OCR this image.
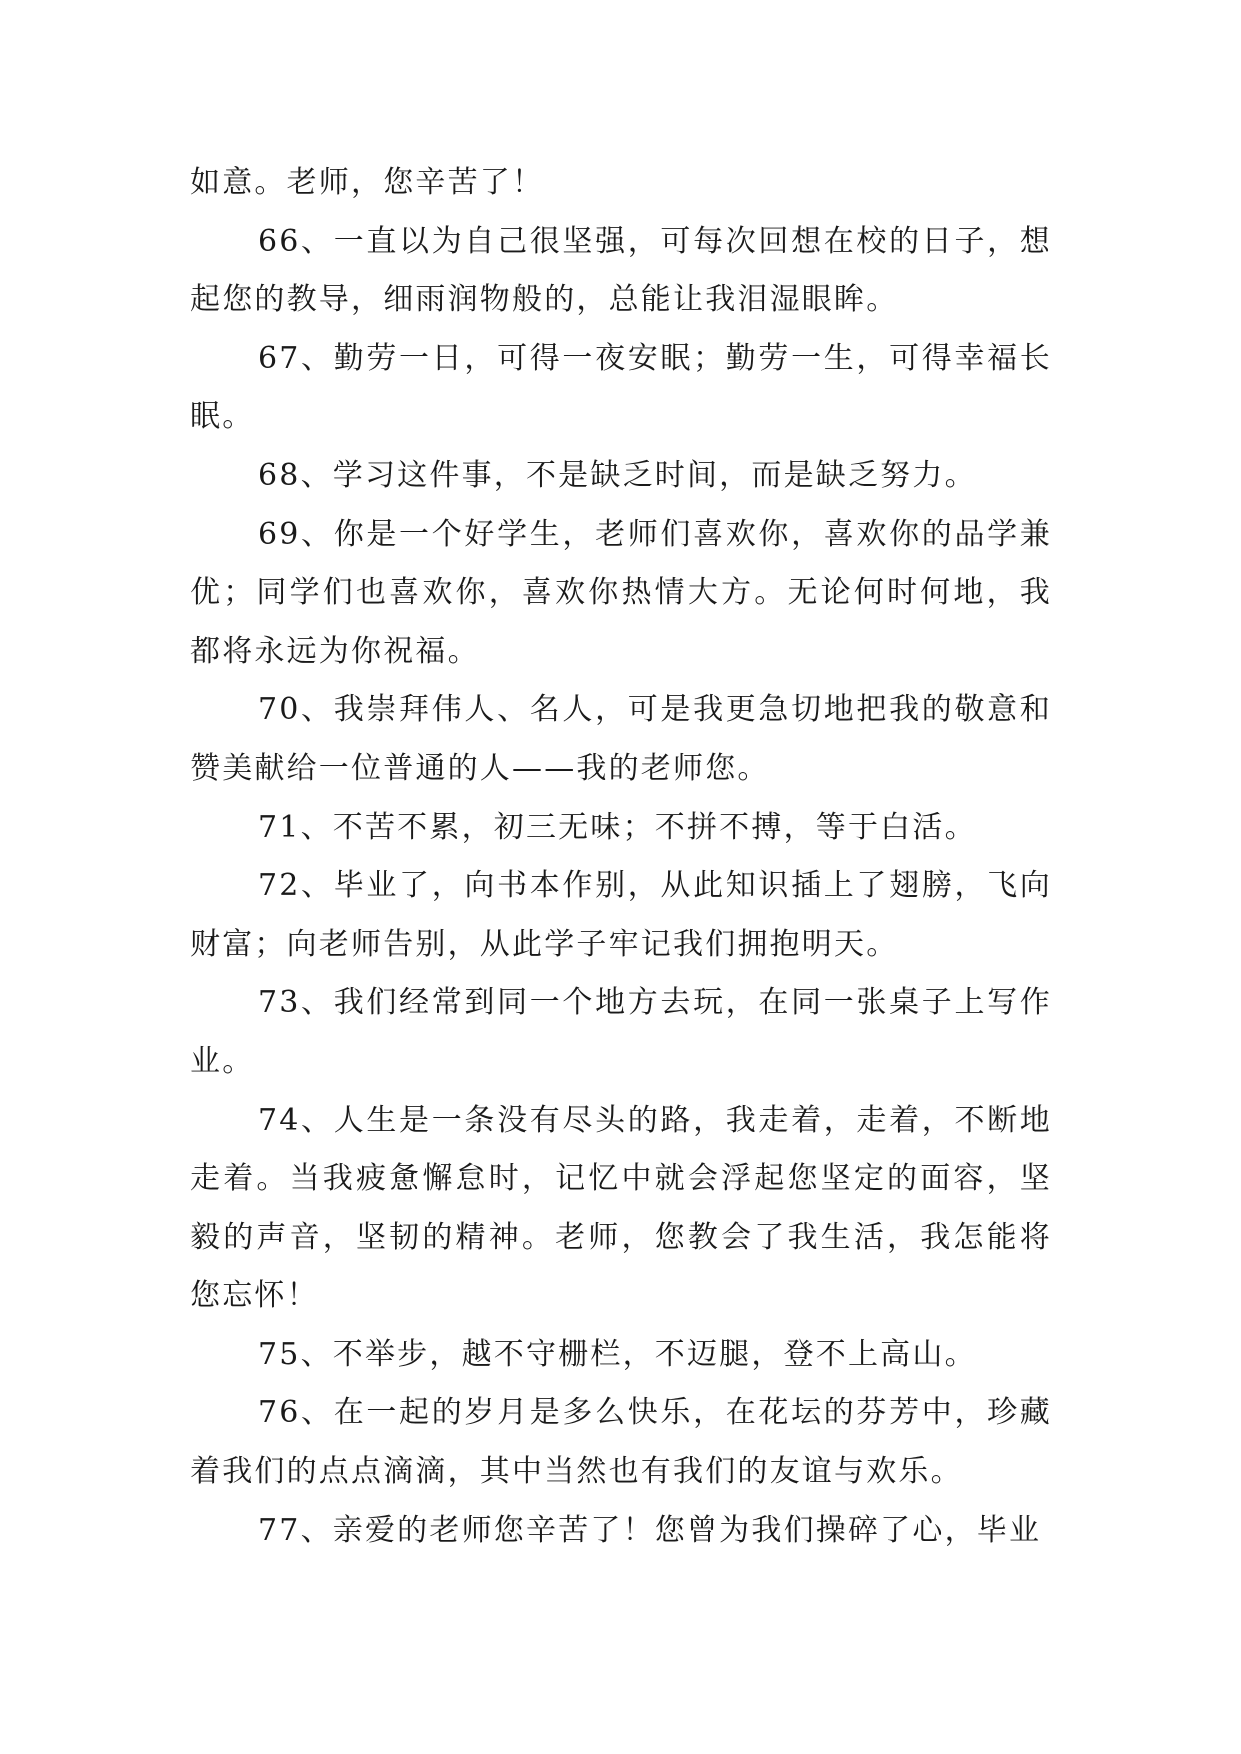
如意。老师，您辛苦了！

66、一直以为自己很坚强，可每次回想在校的日子，想起您的教导，细雨润物般的，总能让我泪湿眼眸。

67、勤劳一日，可得一夜安眠；勤劳一生，可得幸福长眠。

68、学习这件事，不是缺乏时间，而是缺乏努力。

69、你是一个好学生，老师们喜欢你，喜欢你的品学兼优；同学们也喜欢你，喜欢你热情大方。无论何时何地，我都将永远为你祝福。

70、我崇拜伟人、名人，可是我更急切地把我的敬意和赞美献给一位普通的人——我的老师您。

71、不苦不累，初三无味；不拼不搏，等于白活。

72、毕业了，向书本作别，从此知识插上了翅膀，飞向财富；向老师告别，从此学子牢记我们拥抱明天。

73、我们经常到同一个地方去玩，在同一张桌子上写作业。

74、人生是一条没有尽头的路，我走着，走着，不断地走着。当我疲惫懈怠时，记忆中就会浮起您坚定的面容，坚毅的声音，坚韧的精神。老师，您教会了我生活，我怎能将您忘怀！

75、不举步，越不守栅栏，不迈腿，登不上高山。

76、在一起的岁月是多么快乐，在花坛的芬芳中，珍藏着我们的点点滴滴，其中当然也有我们的友谊与欢乐。

77、亲爱的老师您辛苦了！您曾为我们操碎了心，毕业
